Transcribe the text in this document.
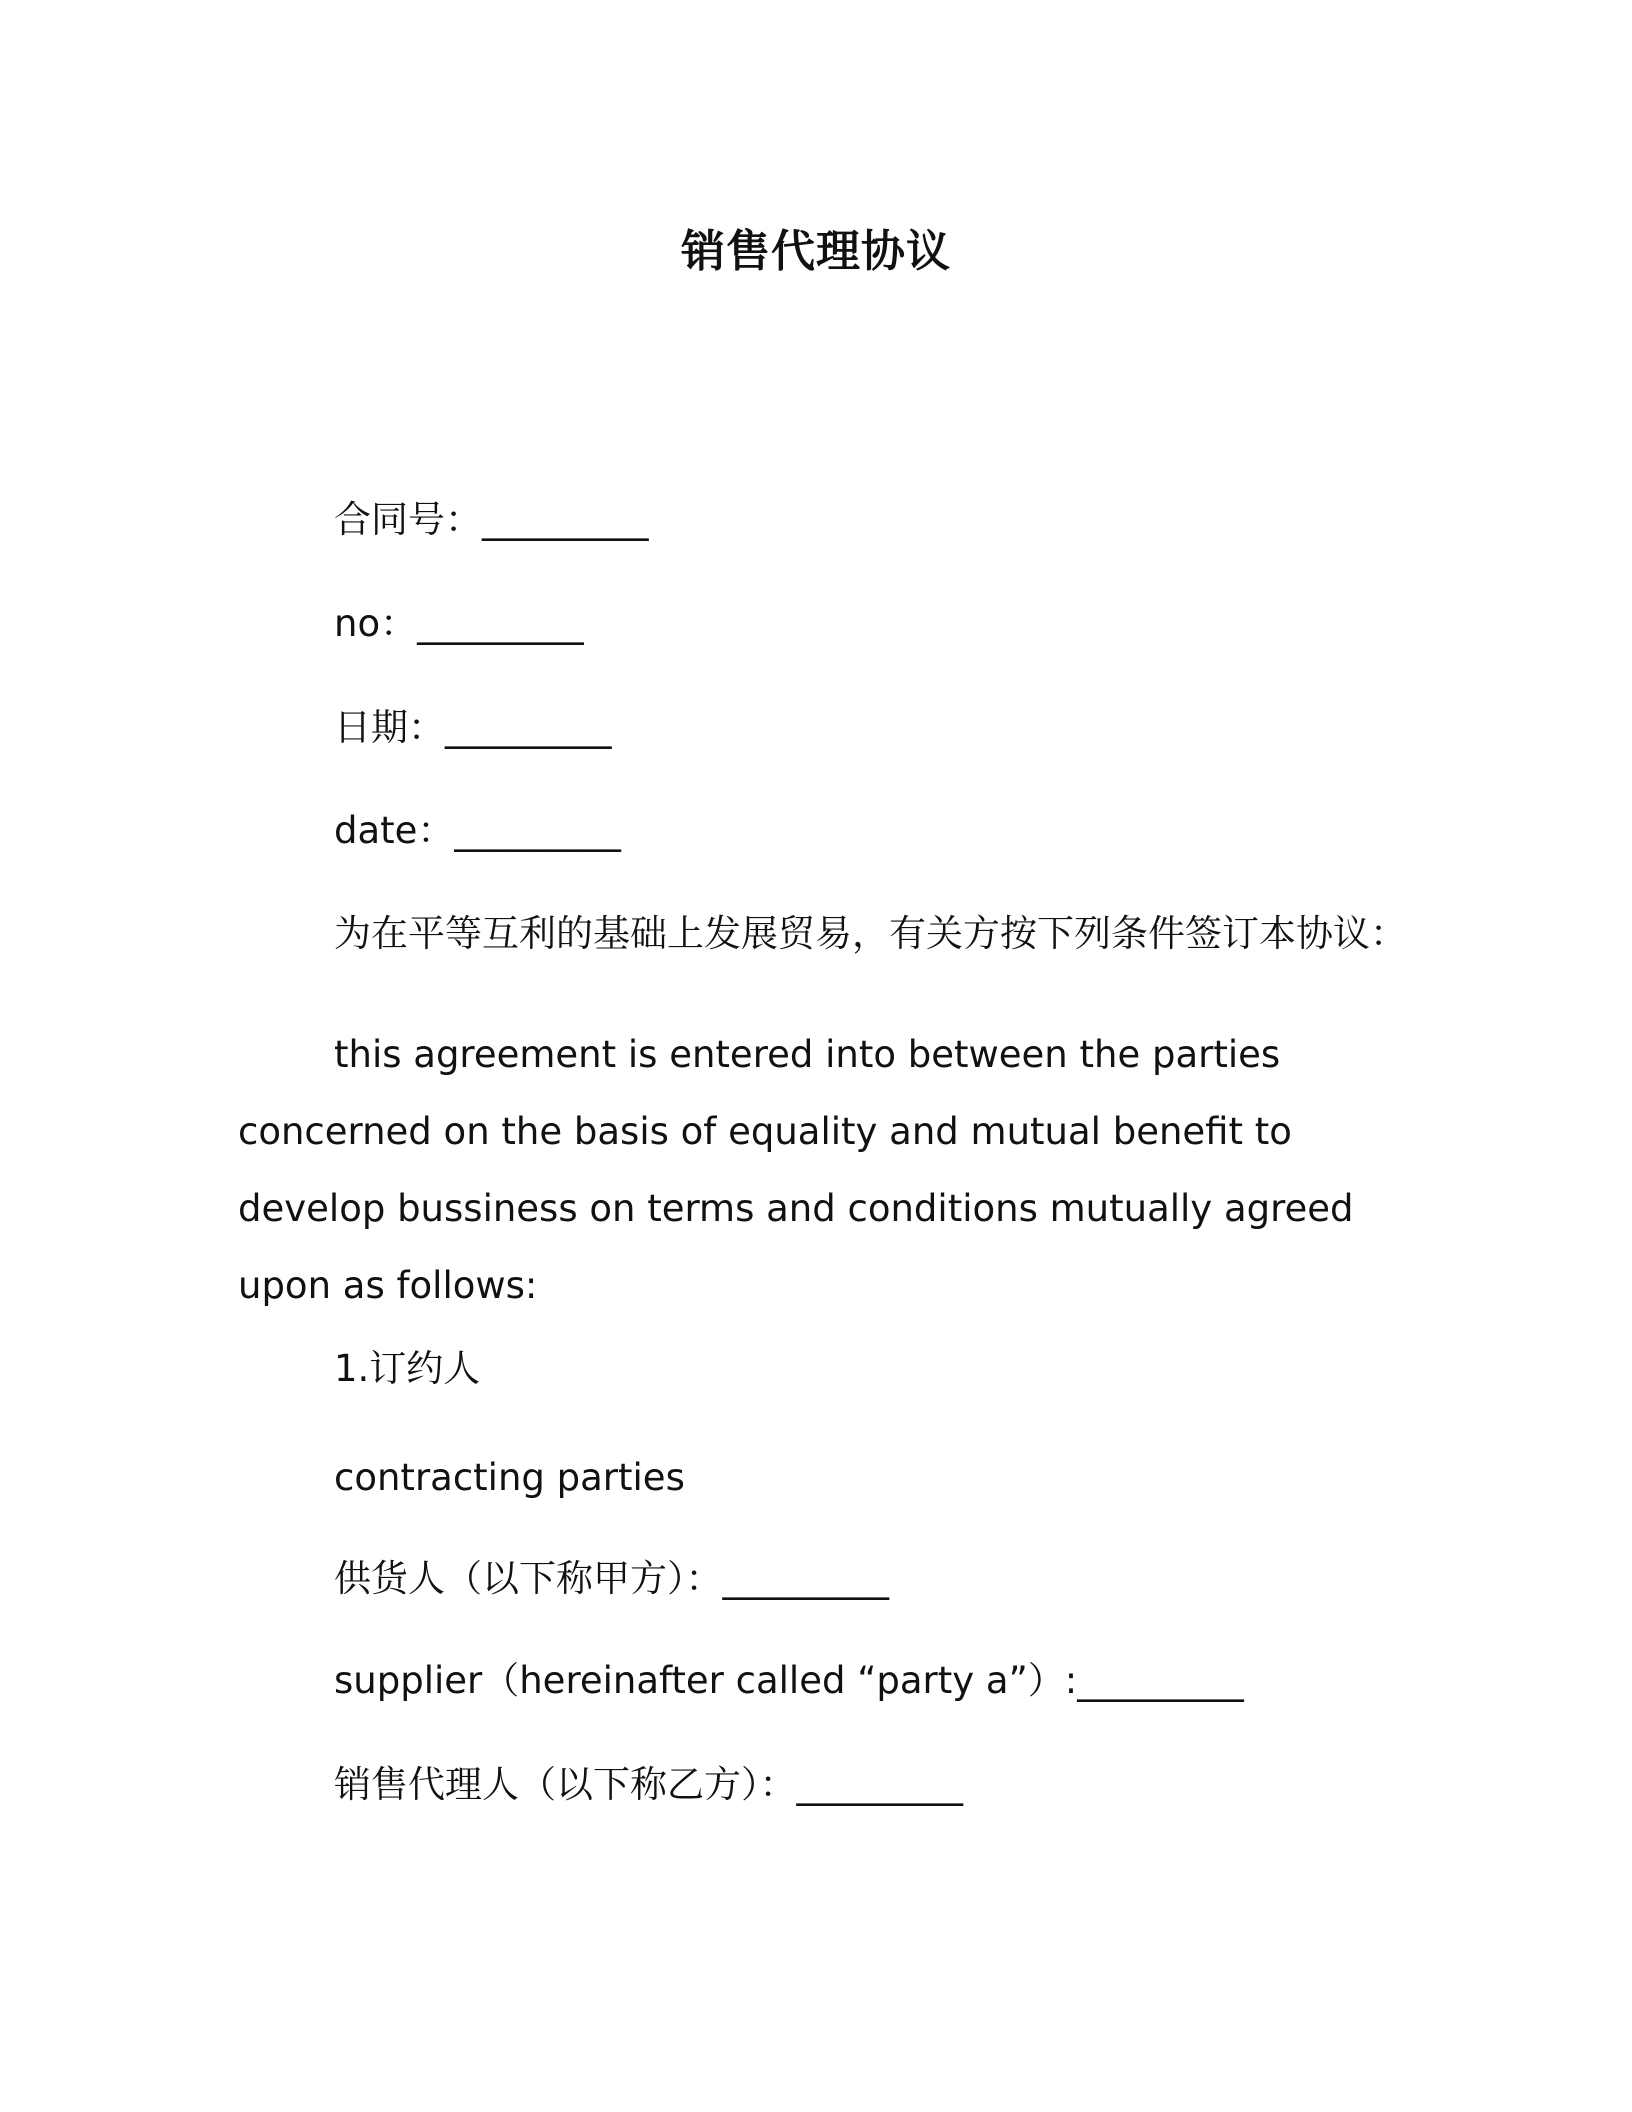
销售代理协议
合同号：_________
no：_________
日期：_________
date：_________
为在平等互利的基础上发展贸易，有关方按下列条件签订本协议：
this agreement is entered into between the parties
concerned on the basis of equality and mutual benefit to
develop bussiness on terms and conditions mutually agreed
upon as follows:
1.订约人
contracting parties
供货人（以下称甲方）：_________
supplier（hereinafter called “party a”）:_________
销售代理人（以下称乙方）：_________
